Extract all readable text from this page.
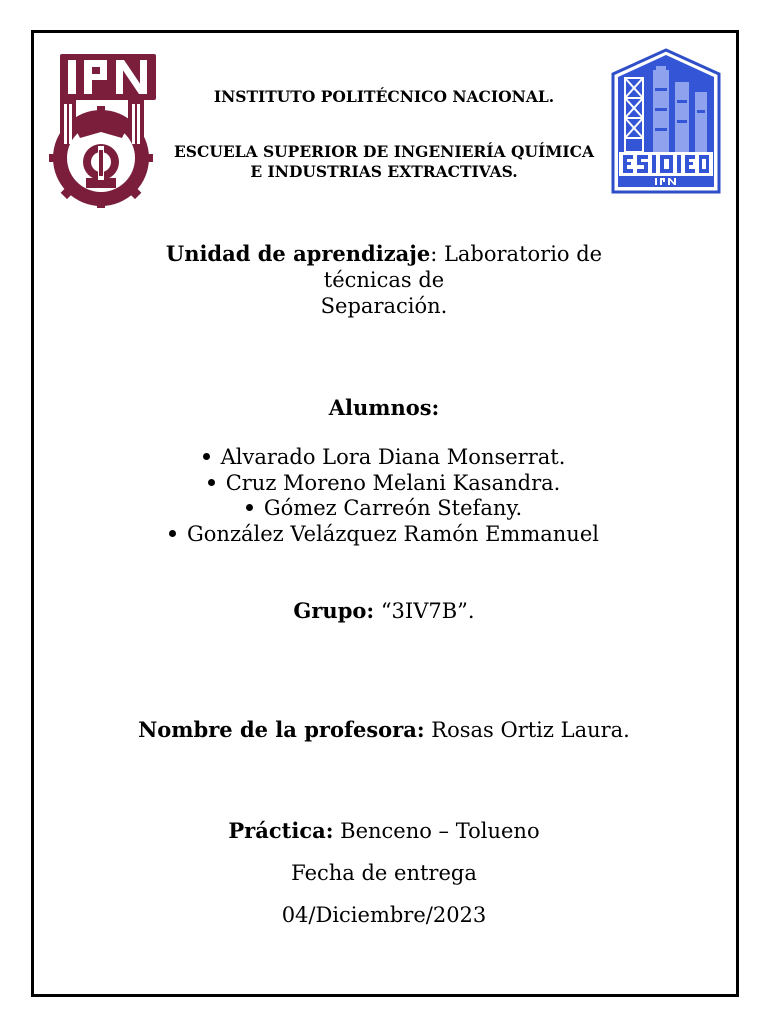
INSTITUTO POLITÉCNICO NACIONAL.
ESCUELA SUPERIOR DE INGENIERÍA QUÍMICA
E INDUSTRIAS EXTRACTIVAS.
Unidad de aprendizaje: Laboratorio de
técnicas de
Separación.
Alumnos:
Alvarado Lora Diana Monserrat.
Cruz Moreno Melani Kasandra.
Gómez Carreón Stefany.
González Velázquez Ramón Emmanuel
Grupo: “3IV7B”.
Nombre de la profesora: Rosas Ortiz Laura.
Práctica: Benceno – Tolueno
Fecha de entrega
04/Diciembre/2023
